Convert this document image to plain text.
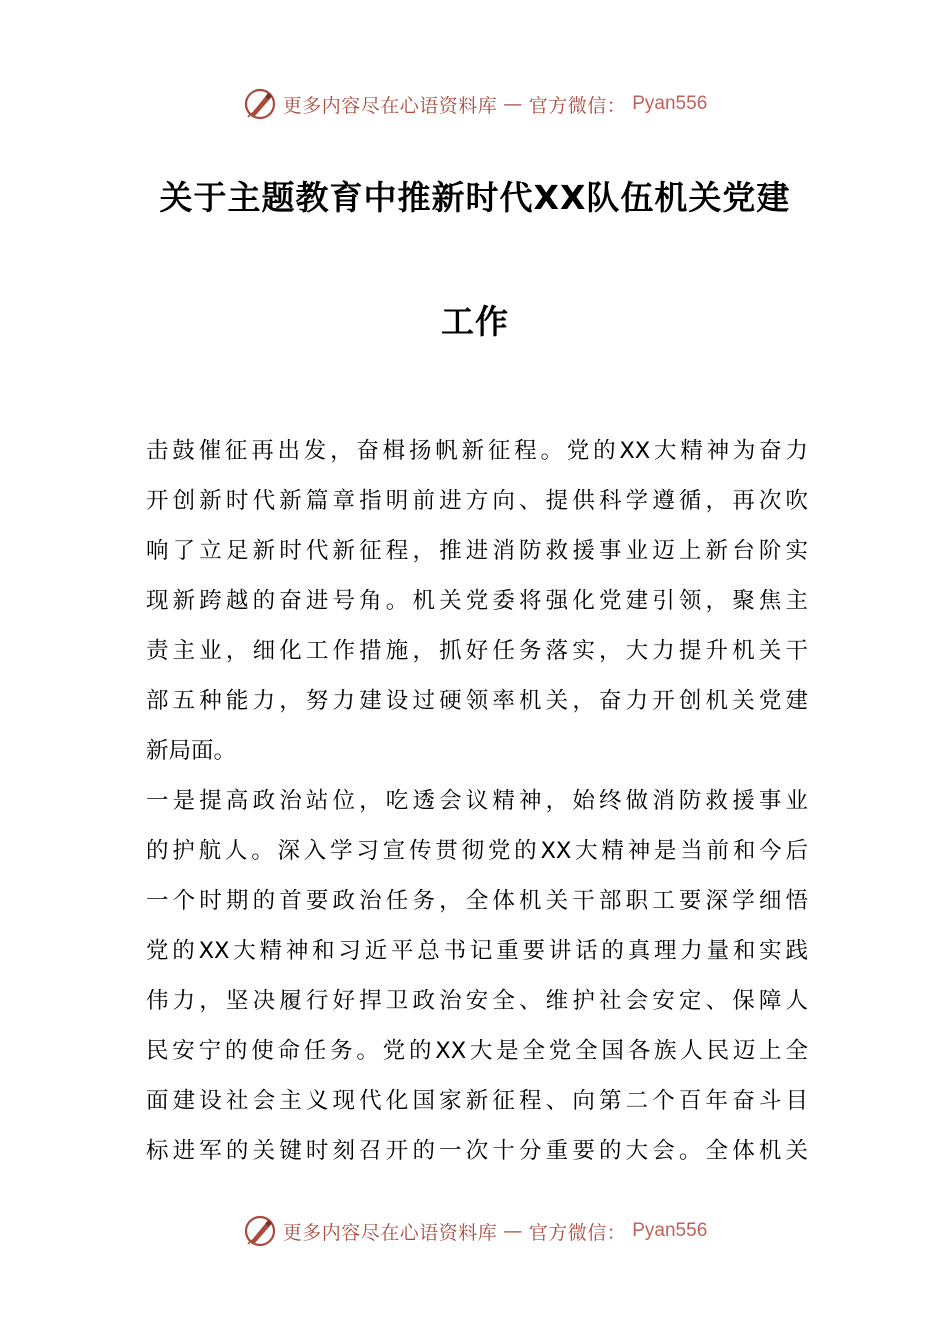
更多内容尽在心语资料库 — 官方微信： Pyan556
关于主题教育中推新时代XX队伍机关党建
工作
击鼓催征再出发，奋楫扬帆新征程。党的XX大精神为奋力
开创新时代新篇章指明前进方向、提供科学遵循，再次吹
响了立足新时代新征程，推进消防救援事业迈上新台阶实
现新跨越的奋进号角。机关党委将强化党建引领，聚焦主
责主业，细化工作措施，抓好任务落实，大力提升机关干
部五种能力，努力建设过硬领率机关，奋力开创机关党建
新局面。
一是提高政治站位，吃透会议精神，始终做消防救援事业
的护航人。深入学习宣传贯彻党的XX大精神是当前和今后
一个时期的首要政治任务，全体机关干部职工要深学细悟
党的XX大精神和习近平总书记重要讲话的真理力量和实践
伟力，坚决履行好捍卫政治安全、维护社会安定、保障人
民安宁的使命任务。党的XX大是全党全国各族人民迈上全
面建设社会主义现代化国家新征程、向第二个百年奋斗目
标进军的关键时刻召开的一次十分重要的大会。全体机关
更多内容尽在心语资料库 — 官方微信： Pyan556
